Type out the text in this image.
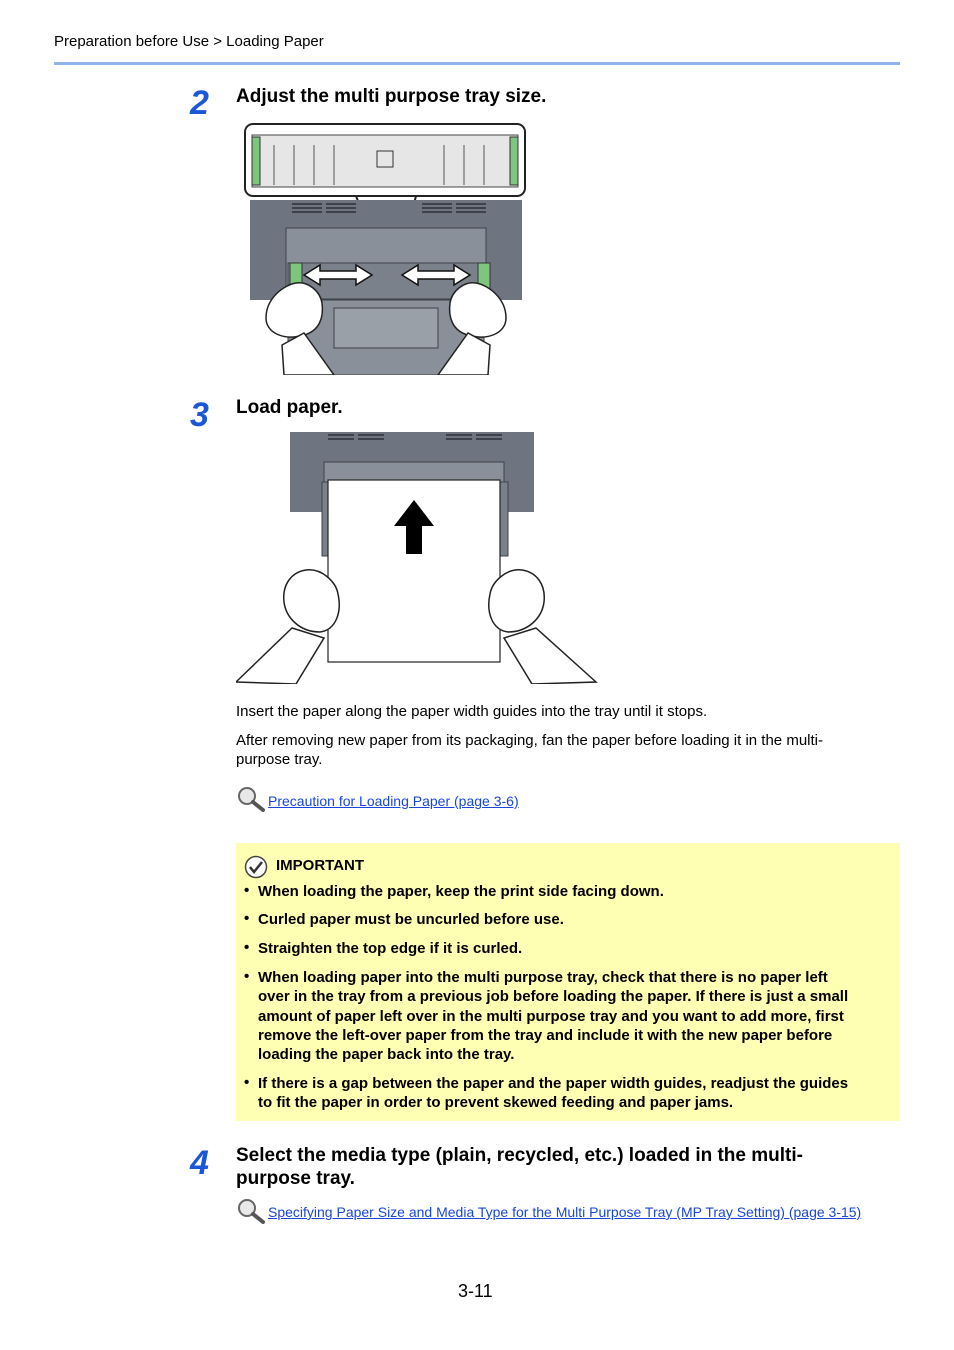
Preparation before Use > Loading Paper
2 Adjust the multi purpose tray size.
3 Load paper.
Insert the paper along the paper width guides into the tray until it stops.
After removing new paper from its packaging, fan the paper before loading it in the multi-
purpose tray.
Precaution for Loading Paper (page 3-6)
IMPORTANT
• When loading the paper, keep the print side facing down.
• Curled paper must be uncurled before use.
• Straighten the top edge if it is curled.
• When loading paper into the multi purpose tray, check that there is no paper left
over in the tray from a previous job before loading the paper. If there is just a small
amount of paper left over in the multi purpose tray and you want to add more, first
remove the left-over paper from the tray and include it with the new paper before
loading the paper back into the tray.
• If there is a gap between the paper and the paper width guides, readjust the guides
to fit the paper in order to prevent skewed feeding and paper jams.
4 Select the media type (plain, recycled, etc.) loaded in the multi-
purpose tray.
Specifying Paper Size and Media Type for the Multi Purpose Tray (MP Tray Setting) (page 3-15)
3-11
